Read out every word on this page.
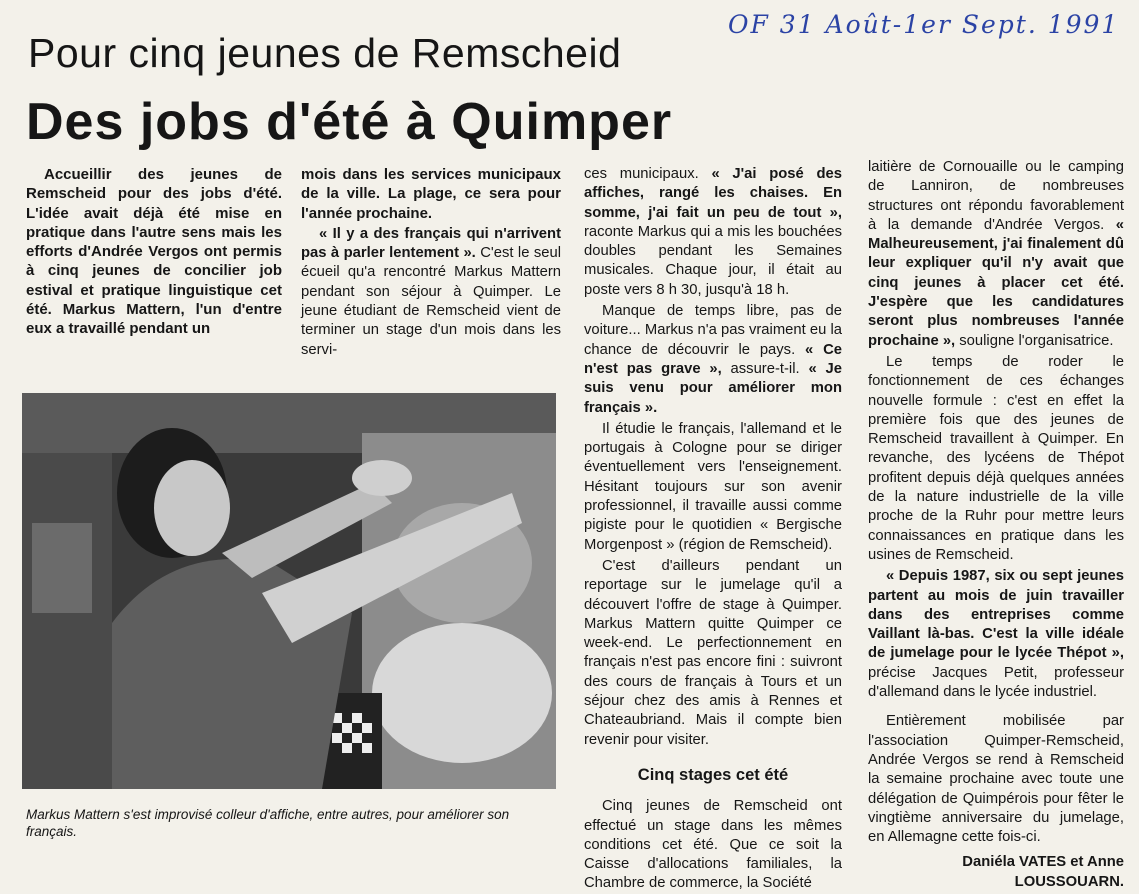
OF 31 Août-1er Sept. 1991
Pour cinq jeunes de Remscheid
Des jobs d'été à Quimper

Accueillir des jeunes de Remscheid pour des jobs d'été. L'idée avait déjà été mise en pratique dans l'autre sens mais les efforts d'Andrée Vergos ont permis à cinq jeunes de concilier job estival et pratique linguistique cet été. Markus Mattern, l'un d'entre eux a travaillé pendant un

mois dans les services municipaux de la ville. La plage, ce sera pour l'année prochaine.

« Il y a des français qui n'arrivent pas à parler lentement ». C'est le seul écueil qu'a rencontré Markus Mattern pendant son séjour à Quimper. Le jeune étudiant de Remscheid vient de terminer un stage d'un mois dans les servi-

Markus Mattern s'est improvisé colleur d'affiche, entre autres, pour améliorer son français.

ces municipaux. « J'ai posé des affiches, rangé les chaises. En somme, j'ai fait un peu de tout », raconte Markus qui a mis les bouchées doubles pendant les Semaines musicales. Chaque jour, il était au poste vers 8 h 30, jusqu'à 18 h.

Manque de temps libre, pas de voiture... Markus n'a pas vraiment eu la chance de découvrir le pays. « Ce n'est pas grave », assure-t-il. « Je suis venu pour améliorer mon français ».

Il étudie le français, l'allemand et le portugais à Cologne pour se diriger éventuellement vers l'enseignement. Hésitant toujours sur son avenir professionnel, il travaille aussi comme pigiste pour le quotidien « Bergische Morgenpost » (région de Remscheid).

C'est d'ailleurs pendant un reportage sur le jumelage qu'il a découvert l'offre de stage à Quimper. Markus Mattern quitte Quimper ce week-end. Le perfectionnement en français n'est pas encore fini : suivront des cours de français à Tours et un séjour chez des amis à Rennes et Chateaubriand. Mais il compte bien revenir pour visiter.

Cinq stages cet été

Cinq jeunes de Remscheid ont effectué un stage dans les mêmes conditions cet été. Que ce soit la Caisse d'allocations familiales, la Chambre de commerce, la Société

laitière de Cornouaille ou le camping de Lanniron, de nombreuses structures ont répondu favorablement à la demande d'Andrée Vergos. « Malheureusement, j'ai finalement dû leur expliquer qu'il n'y avait que cinq jeunes à placer cet été. J'espère que les candidatures seront plus nombreuses l'année prochaine », souligne l'organisatrice.

Le temps de roder le fonctionnement de ces échanges nouvelle formule : c'est en effet la première fois que des jeunes de Remscheid travaillent à Quimper. En revanche, des lycéens de Thépot profitent depuis déjà quelques années de la nature industrielle de la ville proche de la Ruhr pour mettre leurs connaissances en pratique dans les usines de Remscheid.

« Depuis 1987, six ou sept jeunes partent au mois de juin travailler dans des entreprises comme Vaillant là-bas. C'est la ville idéale de jumelage pour le lycée Thépot », précise Jacques Petit, professeur d'allemand dans le lycée industriel.

Entièrement mobilisée par l'association Quimper-Remscheid, Andrée Vergos se rend à Remscheid la semaine prochaine avec toute une délégation de Quimpérois pour fêter le vingtième anniversaire du jumelage, en Allemagne cette fois-ci.

Daniéla VATES et Anne LOUSSOUARN.
